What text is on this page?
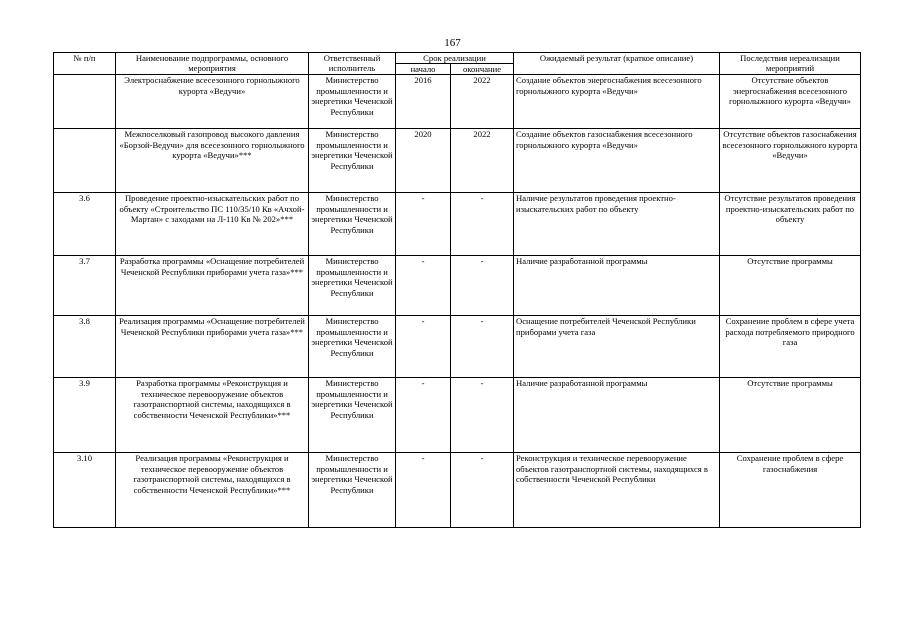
167
№ п/п	Наименование подпрограммы, основного мероприятия	Ответственный исполнитель	Срок реализации		Ожидаемый результат (краткое описание)	Последствия нереализации мероприятий
			начало	окончание		
	Электроснабжение всесезонного горнолыжного курорта «Ведучи»	Министерство промышленности и энергетики Чеченской Республики	2016	2022	Создание объектов энергоснабжения всесезонного горнолыжного курорта «Ведучи»	Отсутствие объектов энергоснабжения всесезонного горнолыжного курорта «Ведучи»
	Межпоселковый газопровод высокого давления «Борзой-Ведучи» для всесезонного горнолыжного курорта «Ведучи»***	Министерство промышленности и энергетики Чеченской Республики	2020	2022	Создание объектов газоснабжения всесезонного горнолыжного курорта «Ведучи»	Отсутствие объектов газоснабжения всесезонного горнолыжного курорта «Ведучи»
3.6	Проведение проектно-изыскательских работ по объекту «Строительство ПС 110/35/10 Кв «Ачхой-Мартан» с заходами на Л-110 Кв № 202»***	Министерство промышленности и энергетики Чеченской Республики	-	-	Наличие результатов проведения проектно-изыскательских работ по объекту	Отсутствие результатов проведения проектно-изыскательских работ по объекту
3.7	Разработка программы «Оснащение потребителей Чеченской Республики приборами учета газа»***	Министерство промышленности и энергетики Чеченской Республики	-	-	Наличие разработанной программы	Отсутствие программы
3.8	Реализация программы «Оснащение потребителей Чеченской Республики приборами учета газа»***	Министерство промышленности и энергетики Чеченской Республики	-	-	Оснащение потребителей Чеченской Республики приборами учета газа	Сохранение проблем в сфере учета расхода потребляемого природного газа
3.9	Разработка программы «Реконструкция и техническое перевооружение объектов газотранспортной системы, находящихся в собственности Чеченской Республики»***	Министерство промышленности и энергетики Чеченской Республики	-	-	Наличие разработанной программы	Отсутствие программы
3.10	Реализация программы «Реконструкция и техническое перевооружение объектов газотранспортной системы, находящихся в собственности Чеченской Республики»***	Министерство промышленности и энергетики Чеченской Республики	-	-	Реконструкция и техническое перевооружение объектов газотранспортной системы, находящихся в собственности Чеченской Республики	Сохранение проблем в сфере газоснабжения
